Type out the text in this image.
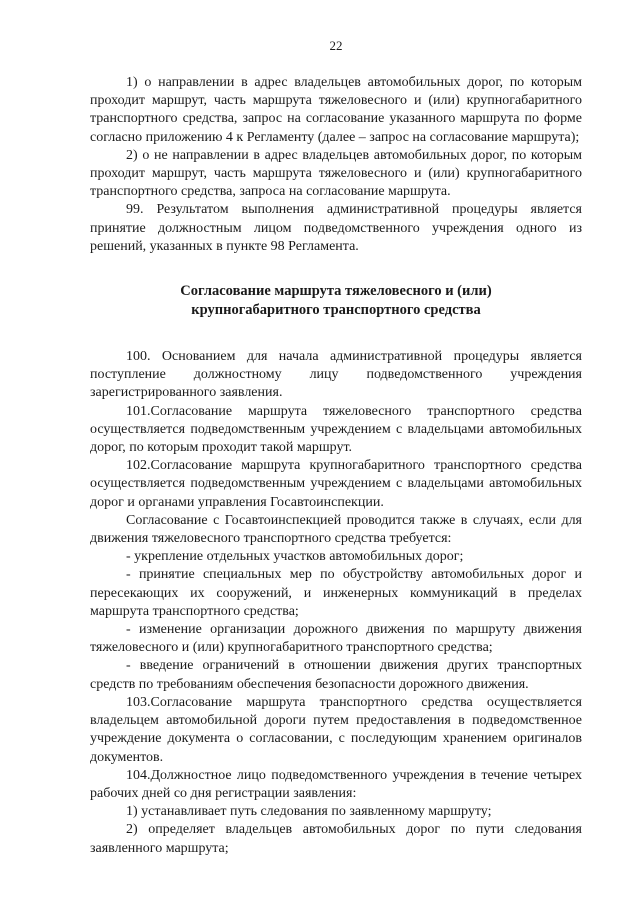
22

1) о направлении в адрес владельцев автомобильных дорог, по которым проходит маршрут, часть маршрута тяжеловесного и (или) крупногабаритного транспортного средства, запрос на согласование указанного маршрута по форме согласно приложению 4 к Регламенту (далее – запрос на согласование маршрута);

2) о не направлении в адрес владельцев автомобильных дорог, по которым проходит маршрут, часть маршрута тяжеловесного и (или) крупногабаритного транспортного средства, запроса на согласование маршрута.

99. Результатом выполнения административной процедуры является принятие должностным лицом подведомственного учреждения одного из решений, указанных в пункте 98 Регламента.

Согласование маршрута тяжеловесного и (или)
крупногабаритного транспортного средства

100. Основанием для начала административной процедуры является поступление должностному лицу подведомственного учреждения зарегистрированного заявления.

101.Согласование маршрута тяжеловесного транспортного средства осуществляется подведомственным учреждением с владельцами автомобильных дорог, по которым проходит такой маршрут.

102.Согласование маршрута крупногабаритного транспортного средства осуществляется подведомственным учреждением с владельцами автомобильных дорог и органами управления Госавтоинспекции.

Согласование с Госавтоинспекцией проводится также в случаях, если для движения тяжеловесного транспортного средства требуется:

- укрепление отдельных участков автомобильных дорог;

- принятие специальных мер по обустройству автомобильных дорог и пересекающих их сооружений, и инженерных коммуникаций в пределах маршрута транспортного средства;

- изменение организации дорожного движения по маршруту движения тяжеловесного и (или) крупногабаритного транспортного средства;

- введение ограничений в отношении движения других транспортных средств по требованиям обеспечения безопасности дорожного движения.

103.Согласование маршрута транспортного средства осуществляется владельцем автомобильной дороги путем предоставления в подведомственное учреждение документа о согласовании, с последующим хранением оригиналов документов.

104.Должностное лицо подведомственного учреждения в течение четырех рабочих дней со дня регистрации заявления:

1) устанавливает путь следования по заявленному маршруту;

2) определяет владельцев автомобильных дорог по пути следования заявленного маршрута;
